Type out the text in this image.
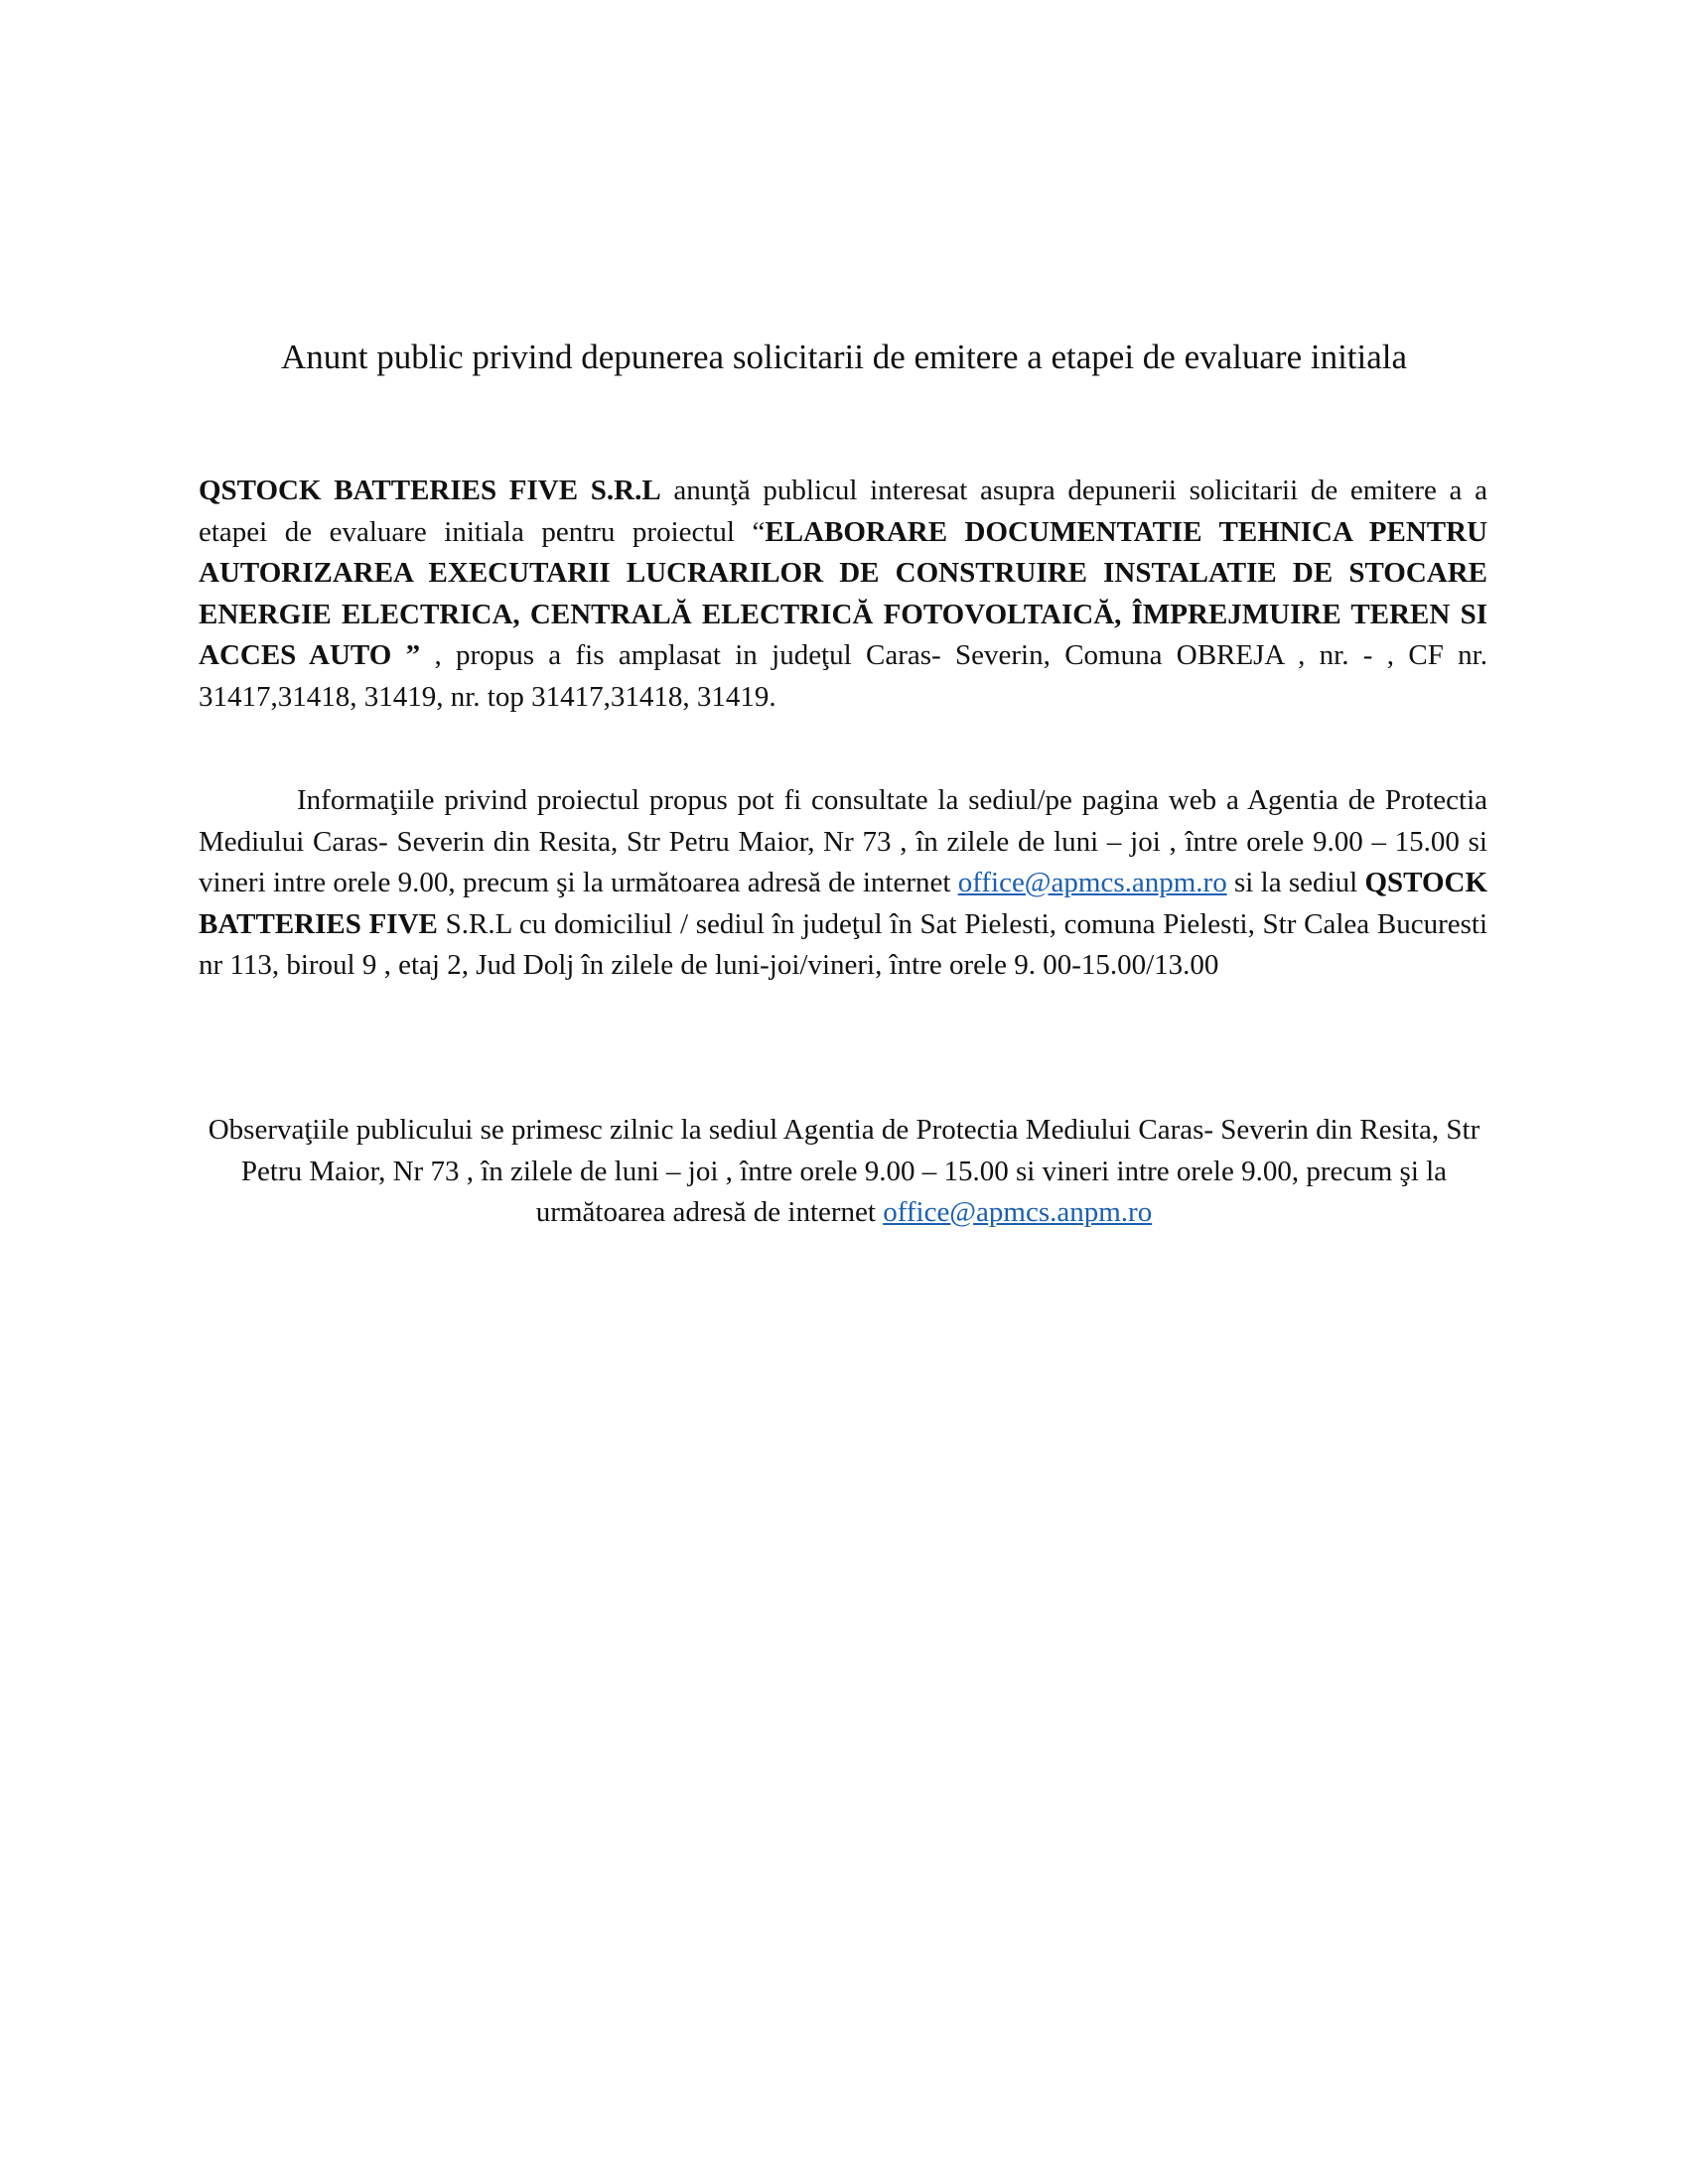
Anunt public privind depunerea solicitarii de emitere a etapei de evaluare initiala
QSTOCK BATTERIES FIVE S.R.L anunţă publicul interesat asupra depunerii solicitarii de emitere a a etapei de evaluare initiala pentru proiectul “ELABORARE DOCUMENTATIE TEHNICA PENTRU AUTORIZAREA EXECUTARII LUCRARILOR DE CONSTRUIRE INSTALATIE DE STOCARE ENERGIE ELECTRICA, CENTRALĂ ELECTRICĂ FOTOVOLTAICĂ, ÎMPREJMUIRE TEREN SI ACCES AUTO ” , propus a fis amplasat in judeţul Caras- Severin, Comuna OBREJA , nr. - , CF nr. 31417,31418, 31419, nr. top 31417,31418, 31419.
Informaţiile privind proiectul propus pot fi consultate la sediul/pe pagina web a Agentia de Protectia Mediului Caras- Severin din Resita, Str Petru Maior, Nr 73 , în zilele de luni – joi , între orele 9.00 – 15.00 si vineri intre orele 9.00, precum şi la următoarea adresă de internet office@apmcs.anpm.ro si la sediul QSTOCK BATTERIES FIVE S.R.L cu domiciliul / sediul în judeţul în Sat Pielesti, comuna Pielesti, Str Calea Bucuresti nr 113, biroul 9 , etaj 2, Jud Dolj în zilele de luni-joi/vineri, între orele 9. 00-15.00/13.00
Observaţiile publicului se primesc zilnic la sediul Agentia de Protectia Mediului Caras- Severin din Resita, Str Petru Maior, Nr 73 , în zilele de luni – joi , între orele 9.00 – 15.00 si vineri intre orele 9.00, precum şi la următoarea adresă de internet office@apmcs.anpm.ro
